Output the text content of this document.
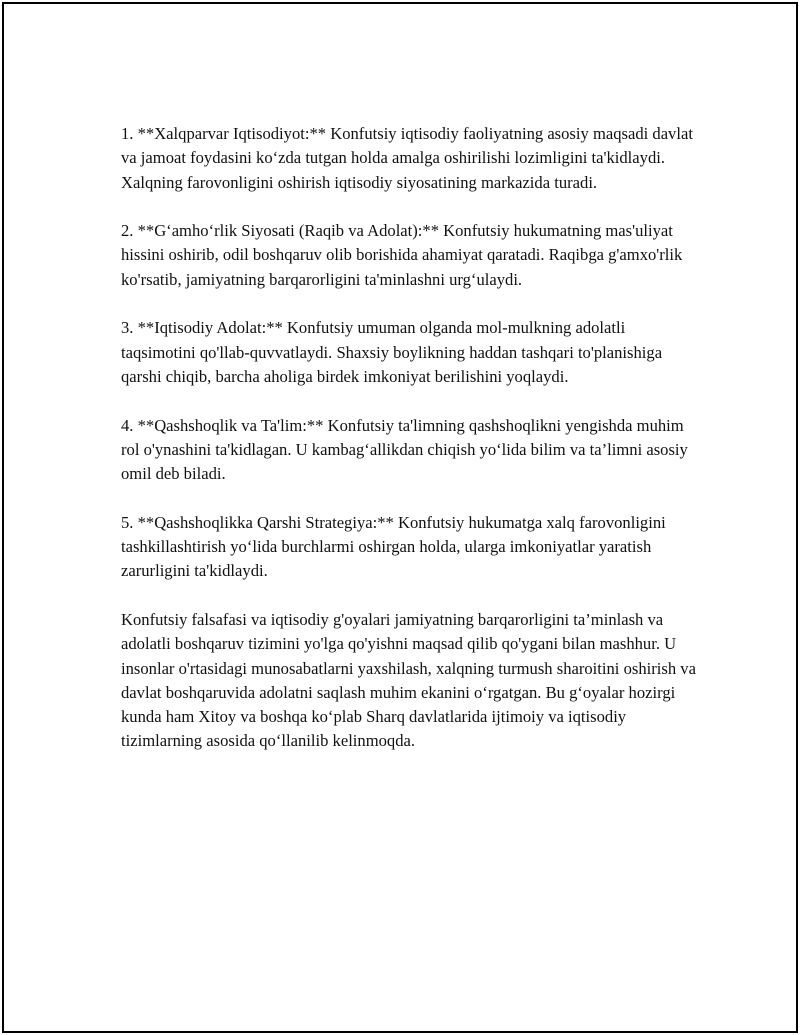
1. **Xalqparvar Iqtisodiyot:** Konfutsiy iqtisodiy faoliyatning asosiy maqsadi davlat va jamoat foydasini ko‘zda tutgan holda amalga oshirilishi lozimligini ta'kidlaydi. Xalqning farovonligini oshirish iqtisodiy siyosatining markazida turadi.

2. **G‘amho‘rlik Siyosati (Raqib va Adolat):** Konfutsiy hukumatning mas'uliyat hissini oshirib, odil boshqaruv olib borishida ahamiyat qaratadi. Raqibga g'amxo'rlik ko'rsatib, jamiyatning barqarorligini ta'minlashni urg‘ulaydi.

3. **Iqtisodiy Adolat:** Konfutsiy umuman olganda mol-mulkning adolatli taqsimotini qo'llab-quvvatlaydi. Shaxsiy boylikning haddan tashqari to'planishiga qarshi chiqib, barcha aholiga birdek imkoniyat berilishini yoqlaydi.

4. **Qashshoqlik va Ta'lim:** Konfutsiy ta'limning qashshoqlikni yengishda muhim rol o'ynashini ta'kidlagan. U kambag‘allikdan chiqish yo‘lida bilim va ta’limni asosiy omil deb biladi.

5. **Qashshoqlikka Qarshi Strategiya:** Konfutsiy hukumatga xalq farovonligini tashkillashtirish yo‘lida burchlarmi oshirgan holda, ularga imkoniyatlar yaratish zarurligini ta'kidlaydi.

Konfutsiy falsafasi va iqtisodiy g'oyalari jamiyatning barqarorligini ta’minlash va adolatli boshqaruv tizimini yo'lga qo'yishni maqsad qilib qo'ygani bilan mashhur. U insonlar o'rtasidagi munosabatlarni yaxshilash, xalqning turmush sharoitini oshirish va davlat boshqaruvida adolatni saqlash muhim ekanini o‘rgatgan. Bu g‘oyalar hozirgi kunda ham Xitoy va boshqa ko‘plab Sharq davlatlarida ijtimoiy va iqtisodiy tizimlarning asosida qo‘llanilib kelinmoqda.
